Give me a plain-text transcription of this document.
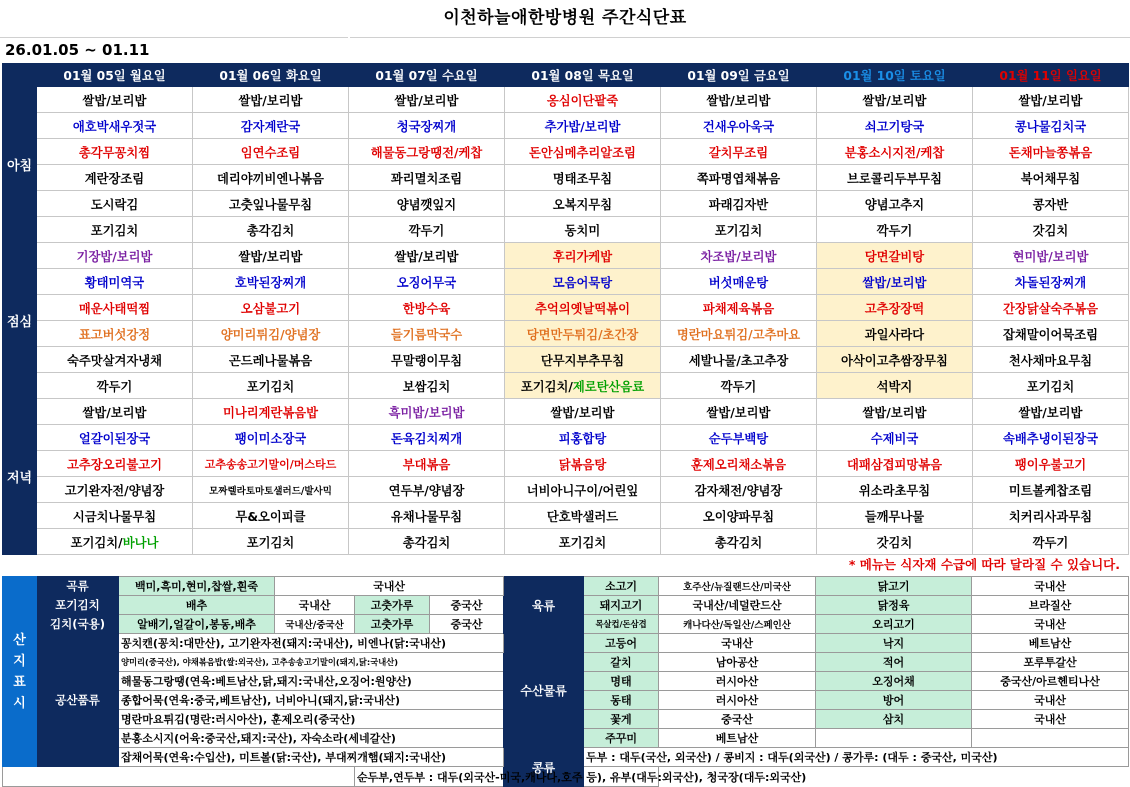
이천하늘애한방병원 주간식단표
26.01.05 ~ 01.11
	01월 05일 월요일	01월 06일 화요일	01월 07일 수요일	01월 08일 목요일	01월 09일 금요일	01월 10일 토요일	01월 11일 일요일
아침	쌀밥/보리밥	쌀밥/보리밥	쌀밥/보리밥	옹심이단팥죽	쌀밥/보리밥	쌀밥/보리밥	쌀밥/보리밥
	애호박새우젓국	감자계란국	청국장찌개	추가밥/보리밥	건새우아욱국	쇠고기탕국	콩나물김치국
	총각무꽁치찜	임연수조림	해물동그랑땡전/케찹	돈안심메추리알조림	갈치무조림	분홍소시지전/케찹	돈채마늘쫑볶음
	계란장조림	데리야끼비엔나볶음	꽈리멸치조림	명태조무침	쪽파명엽채볶음	브로콜리두부무침	북어채무침
	도시락김	고춧잎나물무침	양념깻잎지	오복지무침	파래김자반	양념고추지	콩자반
	포기김치	총각김치	깍두기	동치미	포기김치	깍두기	갓김치
점심	기장밥/보리밥	쌀밥/보리밥	쌀밥/보리밥	후리가케밥	차조밥/보리밥	당면갈비탕	현미밥/보리밥
	황태미역국	호박된장찌개	오징어무국	모음어묵탕	버섯매운탕	쌀밥/보리밥	차돌된장찌개
	매운사태떡찜	오삼불고기	한방수육	추억의옛날떡볶이	파채제육볶음	고추장장떡	간장닭살숙주볶음
	표고버섯강정	양미리튀김/양념장	들기름막국수	당면만두튀김/초간장	명란마요튀김/고추마요	과일사라다	잡채말이어묵조림
	숙주맛살겨자냉채	곤드레나물볶음	무말랭이무침	단무지부추무침	세발나물/초고추장	아삭이고추쌈장무침	천사채마요무침
	깍두기	포기김치	보쌈김치	포기김치/제로탄산음료	깍두기	석박지	포기김치
저녁	쌀밥/보리밥	미나리계란볶음밥	흑미밥/보리밥	쌀밥/보리밥	쌀밥/보리밥	쌀밥/보리밥	쌀밥/보리밥
	얼갈이된장국	팽이미소장국	돈육김치찌개	피홍합탕	순두부백탕	수제비국	속배추냉이된장국
	고추장오리불고기	고추송송고기말이/머스타드	부대볶음	닭볶음탕	훈제오리채소볶음	대패삼겹피망볶음	팽이우불고기
	고기완자전/양념장	모짜렐라토마토샐러드/발사믹	연두부/양념장	너비아니구이/어린잎	감자채전/양념장	위소라초무침	미트볼케찹조림
	시금치나물무침	무&오이피클	유채나물무침	단호박샐러드	오이양파무침	들깨무나물	치커리사과무침
	포기김치/바나나	포기김치	총각김치	포기김치	총각김치	갓김치	깍두기
* 메뉴는 식자재 수급에 따라 달라질 수 있습니다.
산지표시	곡류	백미,흑미,현미,찹쌀,흰죽	국내산			육류	소고기	호주산/뉴질랜드산/미국산	닭고기	국내산
	포기김치	배추	국내산	고춧가루	중국산		돼지고기	국내산/네덜란드산	닭정육	브라질산
	김치(국용)	알배기,얼갈이,봉동,배추	국내산/중국산	고춧가루	중국산		목살컵/돈삼겹	캐나다산/독일산/스페인산	오리고기	국내산
	공산품류	꽁치캔(꽁치:대만산), 고기완자전(돼지:국내산), 비엔나(닭:국내산)				수산물류	고등어	국내산	낙지	베트남산
		양미리(중국산), 야채볶음밥(쌀:외국산), 고추송송고기말이(돼지,닭:국내산)					갈치	남아공산	적어	포루투갈산
		해물동그랑땡(연육:베트남산,닭,돼지:국내산,오징어:원양산)					명태	러시아산	오징어채	중국산/아르헨티나산
		종합어묵(연육:중국,베트남산), 너비아니(돼지,닭:국내산)					동태	러시아산	방어	국내산
		명란마요튀김(명란:러시아산), 훈제오리(중국산)					꽃게	중국산	삼치	국내산
		분홍소시지(어육:중국산,돼지:국산), 자숙소라(세네갈산)					주꾸미	베트남산		
		잡채어묵(연육:수입산), 미트볼(닭:국산), 부대찌개햄(돼지:국내산)				콩류	두부 : 대두(국산, 외국산) / 콩비지 : 대두(외국산) / 콩가루: (대두 : 중국산, 미국산)			
				순두부,연두부 : 대두(외국산-미국,캐나다,호주 등), 유부(대두:외국산), 청국장(대두:외국산)						
